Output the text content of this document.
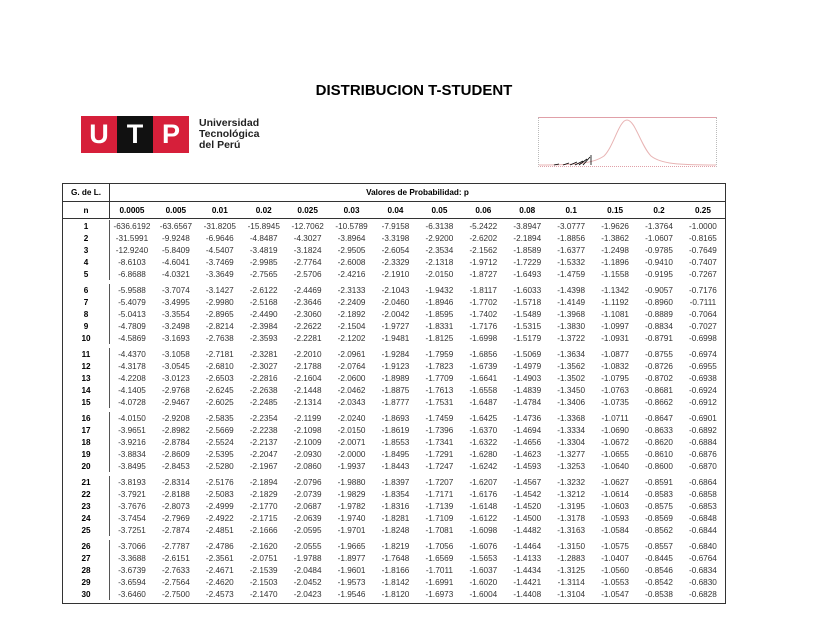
DISTRIBUCION T-STUDENT
U T P	Universidad
Tecnológica
del Perú
G. de L.	Valores de Probabilidad: p
n	0.0005	0.005	0.01	0.02	0.025	0.03	0.04	0.05	0.06	0.08	0.1	0.15	0.2	0.25
1	-636.6192	-63.6567	-31.8205	-15.8945	-12.7062	-10.5789	-7.9158	-6.3138	-5.2422	-3.8947	-3.0777	-1.9626	-1.3764	-1.0000
2	-31.5991	-9.9248	-6.9646	-4.8487	-4.3027	-3.8964	-3.3198	-2.9200	-2.6202	-2.1894	-1.8856	-1.3862	-1.0607	-0.8165
3	-12.9240	-5.8409	-4.5407	-3.4819	-3.1824	-2.9505	-2.6054	-2.3534	-2.1562	-1.8589	-1.6377	-1.2498	-0.9785	-0.7649
4	-8.6103	-4.6041	-3.7469	-2.9985	-2.7764	-2.6008	-2.3329	-2.1318	-1.9712	-1.7229	-1.5332	-1.1896	-0.9410	-0.7407
5	-6.8688	-4.0321	-3.3649	-2.7565	-2.5706	-2.4216	-2.1910	-2.0150	-1.8727	-1.6493	-1.4759	-1.1558	-0.9195	-0.7267
6	-5.9588	-3.7074	-3.1427	-2.6122	-2.4469	-2.3133	-2.1043	-1.9432	-1.8117	-1.6033	-1.4398	-1.1342	-0.9057	-0.7176
7	-5.4079	-3.4995	-2.9980	-2.5168	-2.3646	-2.2409	-2.0460	-1.8946	-1.7702	-1.5718	-1.4149	-1.1192	-0.8960	-0.7111
8	-5.0413	-3.3554	-2.8965	-2.4490	-2.3060	-2.1892	-2.0042	-1.8595	-1.7402	-1.5489	-1.3968	-1.1081	-0.8889	-0.7064
9	-4.7809	-3.2498	-2.8214	-2.3984	-2.2622	-2.1504	-1.9727	-1.8331	-1.7176	-1.5315	-1.3830	-1.0997	-0.8834	-0.7027
10	-4.5869	-3.1693	-2.7638	-2.3593	-2.2281	-2.1202	-1.9481	-1.8125	-1.6998	-1.5179	-1.3722	-1.0931	-0.8791	-0.6998
11	-4.4370	-3.1058	-2.7181	-2.3281	-2.2010	-2.0961	-1.9284	-1.7959	-1.6856	-1.5069	-1.3634	-1.0877	-0.8755	-0.6974
12	-4.3178	-3.0545	-2.6810	-2.3027	-2.1788	-2.0764	-1.9123	-1.7823	-1.6739	-1.4979	-1.3562	-1.0832	-0.8726	-0.6955
13	-4.2208	-3.0123	-2.6503	-2.2816	-2.1604	-2.0600	-1.8989	-1.7709	-1.6641	-1.4903	-1.3502	-1.0795	-0.8702	-0.6938
14	-4.1405	-2.9768	-2.6245	-2.2638	-2.1448	-2.0462	-1.8875	-1.7613	-1.6558	-1.4839	-1.3450	-1.0763	-0.8681	-0.6924
15	-4.0728	-2.9467	-2.6025	-2.2485	-2.1314	-2.0343	-1.8777	-1.7531	-1.6487	-1.4784	-1.3406	-1.0735	-0.8662	-0.6912
16	-4.0150	-2.9208	-2.5835	-2.2354	-2.1199	-2.0240	-1.8693	-1.7459	-1.6425	-1.4736	-1.3368	-1.0711	-0.8647	-0.6901
17	-3.9651	-2.8982	-2.5669	-2.2238	-2.1098	-2.0150	-1.8619	-1.7396	-1.6370	-1.4694	-1.3334	-1.0690	-0.8633	-0.6892
18	-3.9216	-2.8784	-2.5524	-2.2137	-2.1009	-2.0071	-1.8553	-1.7341	-1.6322	-1.4656	-1.3304	-1.0672	-0.8620	-0.6884
19	-3.8834	-2.8609	-2.5395	-2.2047	-2.0930	-2.0000	-1.8495	-1.7291	-1.6280	-1.4623	-1.3277	-1.0655	-0.8610	-0.6876
20	-3.8495	-2.8453	-2.5280	-2.1967	-2.0860	-1.9937	-1.8443	-1.7247	-1.6242	-1.4593	-1.3253	-1.0640	-0.8600	-0.6870
21	-3.8193	-2.8314	-2.5176	-2.1894	-2.0796	-1.9880	-1.8397	-1.7207	-1.6207	-1.4567	-1.3232	-1.0627	-0.8591	-0.6864
22	-3.7921	-2.8188	-2.5083	-2.1829	-2.0739	-1.9829	-1.8354	-1.7171	-1.6176	-1.4542	-1.3212	-1.0614	-0.8583	-0.6858
23	-3.7676	-2.8073	-2.4999	-2.1770	-2.0687	-1.9782	-1.8316	-1.7139	-1.6148	-1.4520	-1.3195	-1.0603	-0.8575	-0.6853
24	-3.7454	-2.7969	-2.4922	-2.1715	-2.0639	-1.9740	-1.8281	-1.7109	-1.6122	-1.4500	-1.3178	-1.0593	-0.8569	-0.6848
25	-3.7251	-2.7874	-2.4851	-2.1666	-2.0595	-1.9701	-1.8248	-1.7081	-1.6098	-1.4482	-1.3163	-1.0584	-0.8562	-0.6844
26	-3.7066	-2.7787	-2.4786	-2.1620	-2.0555	-1.9665	-1.8219	-1.7056	-1.6076	-1.4464	-1.3150	-1.0575	-0.8557	-0.6840
27	-3.3688	-2.6151	-2.3561	-2.0751	-1.9788	-1.8977	-1.7648	-1.6569	-1.5653	-1.4133	-1.2883	-1.0407	-0.8445	-0.6764
28	-3.6739	-2.7633	-2.4671	-2.1539	-2.0484	-1.9601	-1.8166	-1.7011	-1.6037	-1.4434	-1.3125	-1.0560	-0.8546	-0.6834
29	-3.6594	-2.7564	-2.4620	-2.1503	-2.0452	-1.9573	-1.8142	-1.6991	-1.6020	-1.4421	-1.3114	-1.0553	-0.8542	-0.6830
30	-3.6460	-2.7500	-2.4573	-2.1470	-2.0423	-1.9546	-1.8120	-1.6973	-1.6004	-1.4408	-1.3104	-1.0547	-0.8538	-0.6828
